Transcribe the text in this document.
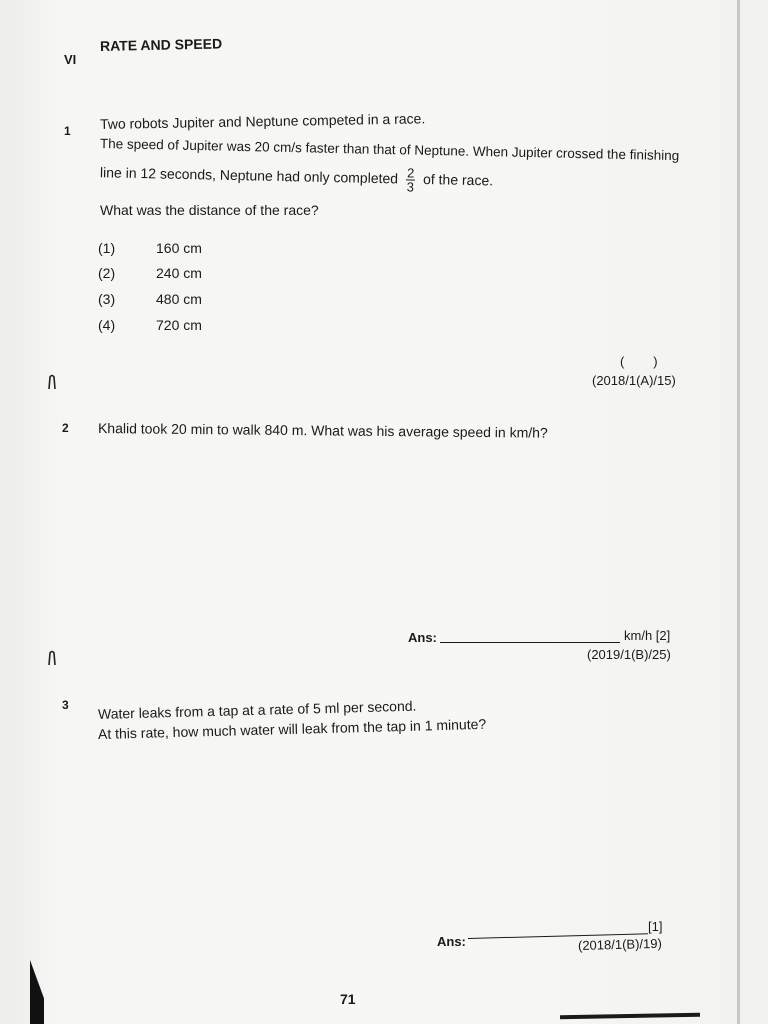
VI
RATE AND SPEED
1 Two robots Jupiter and Neptune competed in a race.
The speed of Jupiter was 20 cm/s faster than that of Neptune. When Jupiter crossed the finishing
line in 12 seconds, Neptune had only completed $\frac{2}{3}$ of the race.
What was the distance of the race?
(1)	160 cm
(2)	240 cm
(3)	480 cm
(4)	720 cm
(        )
(2018/1(A)/15)
2 Khalid took 20 min to walk 840 m. What was his average speed in km/h?
Ans:	km/h [2]
(2019/1(B)/25)
3 Water leaks from a tap at a rate of 5 ml per second.
At this rate, how much water will leak from the tap in 1 minute?
Ans:
[1]
(2018/1(B)/19)
71
